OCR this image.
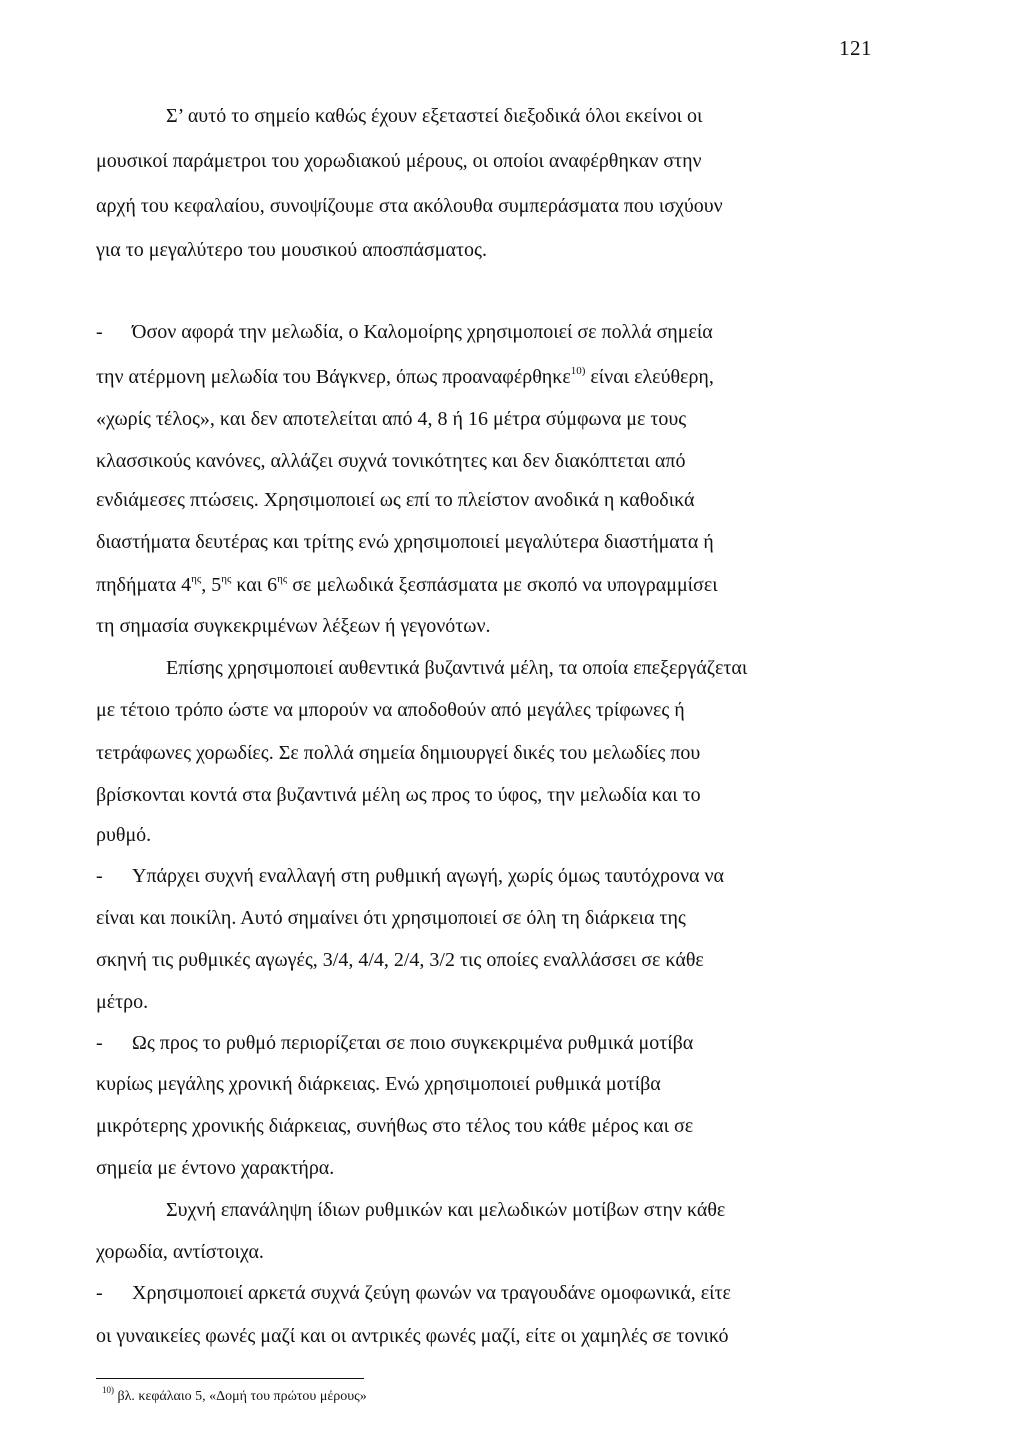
121
Σ’ αυτό το σημείο καθώς έχουν εξεταστεί διεξοδικά όλοι εκείνοι οι
μουσικοί παράμετροι του χορωδιακού μέρους, οι οποίοι αναφέρθηκαν στην
αρχή του κεφαλαίου, συνοψίζουμε στα ακόλουθα συμπεράσματα που ισχύουν
για το μεγαλύτερο του μουσικού αποσπάσματος.
- Όσον αφορά την μελωδία, ο Καλομοίρης χρησιμοποιεί σε πολλά σημεία
την ατέρμονη μελωδία του Βάγκνερ, όπως προαναφέρθηκε$^{10)}$ είναι ελεύθερη,
«χωρίς τέλος», και δεν αποτελείται από 4, 8 ή 16 μέτρα σύμφωνα με τους
κλασσικούς κανόνες, αλλάζει συχνά τονικότητες και δεν διακόπτεται από
ενδιάμεσες πτώσεις. Χρησιμοποιεί ως επί το πλείστον ανοδικά η καθοδικά
διαστήματα δευτέρας και τρίτης ενώ χρησιμοποιεί μεγαλύτερα διαστήματα ή
πηδήματα $4^{\eta\varsigma}$, $5^{\eta\varsigma}$ και $6^{\eta\varsigma}$ σε μελωδικά ξεσπάσματα με σκοπό να υπογραμμίσει
τη σημασία συγκεκριμένων λέξεων ή γεγονότων.
Επίσης χρησιμοποιεί αυθεντικά βυζαντινά μέλη, τα οποία επεξεργάζεται
με τέτοιο τρόπο ώστε να μπορούν να αποδοθούν από μεγάλες τρίφωνες ή
τετράφωνες χορωδίες. Σε πολλά σημεία δημιουργεί δικές του μελωδίες που
βρίσκονται κοντά στα βυζαντινά μέλη ως προς το ύφος, την μελωδία και το
ρυθμό.
- Υπάρχει συχνή εναλλαγή στη ρυθμική αγωγή, χωρίς όμως ταυτόχρονα να
είναι και ποικίλη. Αυτό σημαίνει ότι χρησιμοποιεί σε όλη τη διάρκεια της
σκηνή τις ρυθμικές αγωγές, 3/4, 4/4, 2/4, 3/2 τις οποίες εναλλάσσει σε κάθε
μέτρο.
- Ως προς το ρυθμό περιορίζεται σε ποιο συγκεκριμένα ρυθμικά μοτίβα
κυρίως μεγάλης χρονική διάρκειας. Ενώ χρησιμοποιεί ρυθμικά μοτίβα
μικρότερης χρονικής διάρκειας, συνήθως στο τέλος του κάθε μέρος και σε
σημεία με έντονο χαρακτήρα.
Συχνή επανάληψη ίδιων ρυθμικών και μελωδικών μοτίβων στην κάθε
χορωδία, αντίστοιχα.
- Χρησιμοποιεί αρκετά συχνά ζεύγη φωνών να τραγουδάνε ομοφωνικά, είτε
οι γυναικείες φωνές μαζί και οι αντρικές φωνές μαζί, είτε οι χαμηλές σε τονικό
$^{10)}$ βλ. κεφάλαιο 5, «Δομή του πρώτου μέρους»
